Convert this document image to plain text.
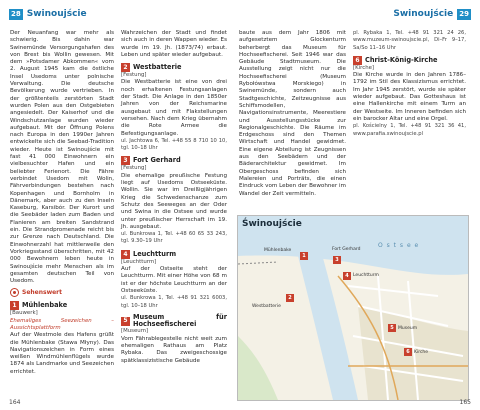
28 Swinoujście	Swinoujście 29

Der Neuanfang war mehr als schwierig. Bis dahin war Swinemünde Versorgungshafen des von Brest bis Wollin gewesen. Mit dem »Potsdamer Abkommen« vom 2. August 1945 kam die östliche Insel Usedoms unter polnische Verwaltung. Die deutsche Bevölkerung wurde vertrieben. In der größtenteils zerstörten Stadt wurden Polen aus den Ostgebieten angesiedelt. Der Kaiserhof und die Windschutzanlage wurden wieder aufgebaut. Mit der Öffnung Polens nach Europa in den 1990er Jahren entwickelte sich die Seebad-Tradition wieder. Heute ist Swinoujście mit fast 41 000 Einwohnern ein vielbesuchter Hafen und ein beliebter Ferienort. Die Fähre verbindet Usedom mit Wolin, Fährverbindungen bestehen nach Kopenhagen und Bornholm in Dänemark, aber auch zu den Inseln Kaseburg, Karsibór. Der Kurort und die Seebäder laden zum Baden und Flanieren am breiten Sandstrand ein. Die Strandpromenade reicht bis zur Grenze nach Deutschland. Die Einwohnerzahl hat mittlerweile den Vorkriegsstand überschritten, mit 42 000 Bewohnern leben heute in Swinoujście mehr Menschen als im gesamten deutschen Teil von Usedom.

Sehenswert
1 Mühlenbake
[Bauwerk]
Ehemaliges Seezeichen – Aussichtsplattform

Auf der Westmole des Hafens grüßt die Mühlenbake (Stawa Młyny). Das Navigationszeichen in Form eines weißen Windmühlenflügels wurde 1874 als Landmarke und Seezeichen errichtet.

Wahrzeichen der Stadt und findet sich auch in deren Wappen wieder. Es wurde im 19. Jh. (1873/74) erbaut. Leben und später wieder aufgebaut.

2 Westbatterie
[Festung]

Die Westbatterie ist eine von drei noch erhaltenen Festungsanlagen der Stadt. Die Anlage in den 1850er Jahren von der Reichsmarine ausgebaut und mit Flakstellungen versehen. Nach dem Krieg übernahm die Rote Armee die Befestigungsanlage.

ul. Jachtowa 6, Tel. +48 55 8 710 10 10, tgl. 10–18 Uhr
3 Fort Gerhard
[Festung]

Die ehemalige preußische Festung liegt auf Usedoms Ostseeküste. Wollin. Sie war im Dreißigjährigen Krieg die Schwedenschanze zum Schutz des Seeweges an der Oder und Swina in die Ostsee und wurde unter preußischer Herrschaft im 19. Jh. ausgebaut.

ul. Bunkrowa 1, Tel. +48 60 65 33 243, tgl. 9.30–19 Uhr
4 Leuchtturm
[Leuchtturm]

Auf der Ostseite steht der Leuchtturm. Mit einer Höhe von 68 m ist er der höchste Leuchtturm an der Ostseeküste.

ul. Bunkrowa 1, Tel. +48 91 321 6003, tgl. 10–18 Uhr
5
Museum für Hochseefischerei
[Museum]

Vom Fährablegestelle nicht weit zum ehemaligen Rathaus am Platz Rybaka. Das zweigeschossige spätklassizistische Gebäude

baute aus dem Jahr 1806 mit aufgesetztem Glockenturm beherbergt das Museum für Hochseefischerei. Seit 1946 war das Gebäude Stadtmuseum. Die Ausstellung zeigt nicht nur die Hochseefischerei (Museum Rybołówstwa Morskiego) in Swinemünde, sondern auch Stadtgeschichte, Zeitzeugnisse aus Schiffsmodellen, Navigationsinstrumente, Meerestiere und Ausstellungsstücke zur Regionalgeschichte. Die Räume im Erdgeschoss sind den Themen Wirtschaft und Handel gewidmet. Eine eigene Abteilung ist Zeugnissen aus den Seebädern und der Bäderarchitektur gewidmet. Im Obergeschoss befinden sich Malereien und Porträts, die einen Eindruck vom Leben der Bewohner im Wandel der Zeit vermitteln.

pl. Rybaka 1, Tel. +48 91 321 24 26, www.muzeum-swinoujscie.pl, Di–Fr 9–17, Sa/So 11–16 Uhr
6 Christ-König-Kirche
[Kirche]

Die Kirche wurde in den Jahren 1786–1792 im Stil des Klassizismus errichtet. Im Jahr 1945 zerstört, wurde sie später wieder aufgebaut. Das Gotteshaus ist eine Hallenkirche mit einem Turm an der Westseite. Im Inneren befinden sich ein barocker Altar und eine Orgel.

pl. Kościelny 1, Tel. +48 91 321 36 41, www.parafia.swinoujscie.pl
Świnoujście
O s t s e e
1
2
3
4
5
6
Mühlenbake
Westbatterie
Fort Gerhard
Leuchtturm
Museum
Kirche
164	165
